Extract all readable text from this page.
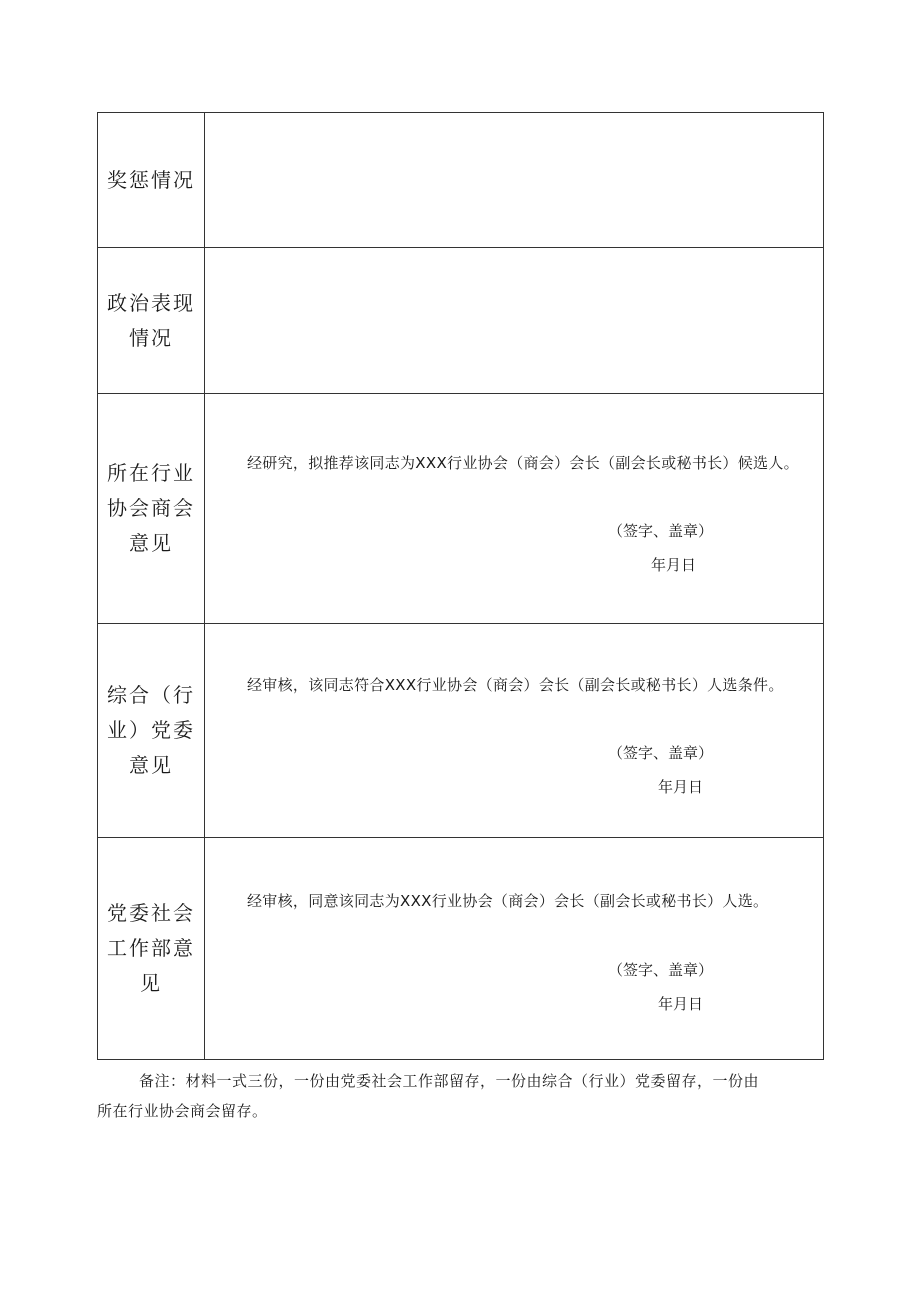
奖惩情况	

政治表现
情况	

所在行业
协会商会
意见	经研究，拟推荐该同志为XXX行业协会（商会）会长（副会长或秘书长）候选人。
（签字、盖章）
年月日

综合（行
业）党委
意见	经审核，该同志符合XXX行业协会（商会）会长（副会长或秘书长）人选条件。
（签字、盖章）
年月日

党委社会
工作部意
见	经审核，同意该同志为XXX行业协会（商会）会长（副会长或秘书长）人选。
（签字、盖章）
年月日
备注：材料一式三份，一份由党委社会工作部留存，一份由综合（行业）党委留存，一份由
所在行业协会商会留存。
